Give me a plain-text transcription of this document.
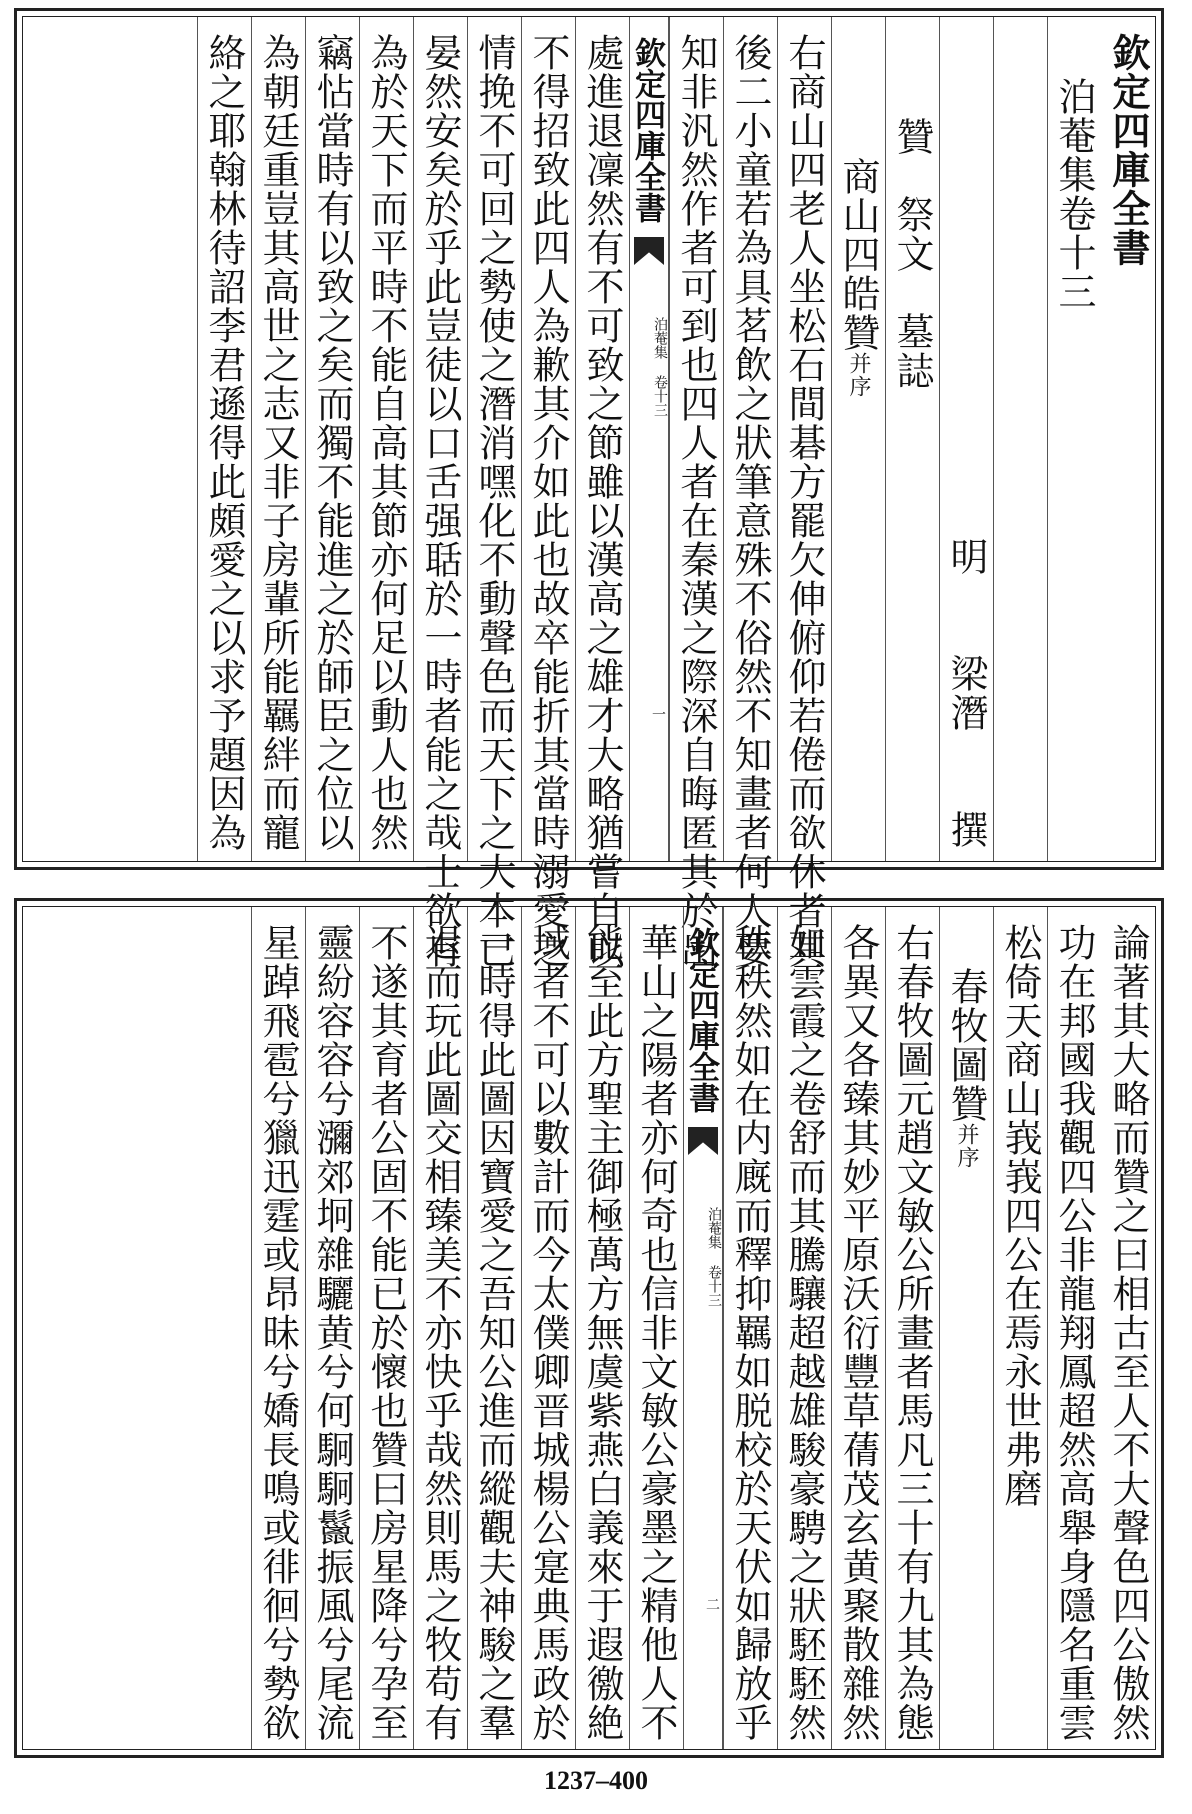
欽定四庫全書
泊菴集卷十三
明　　梁潛　　撰
贊　祭文　墓誌
商山四皓贊并序
右商山四老人坐松石間碁方罷欠伸俯仰若倦而欲休者其
後二小童若為具茗飲之狀筆意殊不俗然不知畫者何人要
知非汎然作者可到也四人者在秦漢之際深自晦匿其於出
欽定四庫全書
泊菴集 卷十三
一
處進退凜然有不可致之節雖以漢高之雄才大略猶嘗自以
不得招致此四人為歉其介如此也故卒能折其當時溺愛之
情挽不可回之勢使之潛消嘿化不動聲色而天下之大本已
晏然安矣於乎此豈徒以口舌强聒於一時者能之哉士欲有
為於天下而平時不能自高其節亦何足以動人也然
竊怗當時有以致之矣而獨不能進之於師臣之位以
為朝廷重豈其高世之志又非子房輩所能羈絆而寵
絡之耶翰林待詔李君遜得此頗愛之以求予題因為
論著其大略而贊之曰相古至人不大聲色四公傲然
功在邦國我觀四公非龍翔鳳超然高舉身隱名重雲
松倚天商山峩峩四公在焉永世弗磨
春牧圖贊并序
右春牧圖元趙文敏公所畫者馬凡三十有九其為態
各異又各臻其妙平原沃衍豐草蒨茂玄黄聚散雜然
如雲霞之卷舒而其騰驤超越雄駿豪騁之狀駓駓然
秩秩然如在内廐而釋抑羈如脱校於天伏如歸放乎
欽定四庫全書
泊菴集 卷十三
二
華山之陽者亦何奇也信非文敏公豪墨之精他人不
能至此方聖主御極萬方無虞紫燕白義來于遐徼絶
域者不可以數計而今太僕卿晋城楊公寔典馬政於
一時得此圖因寶愛之吾知公進而縱觀夫神駿之羣
退而玩此圖交相臻美不亦快乎哉然則馬之牧苟有
不遂其育者公固不能已於懷也贊曰房星降兮孕至
靈紛容容兮瀰郊坰雜驪黄兮何駉駉鬣振風兮尾流
星踔飛雹兮獵迅霆或昂昧兮嬌長鳴或徘徊兮勢欲
1237–400
